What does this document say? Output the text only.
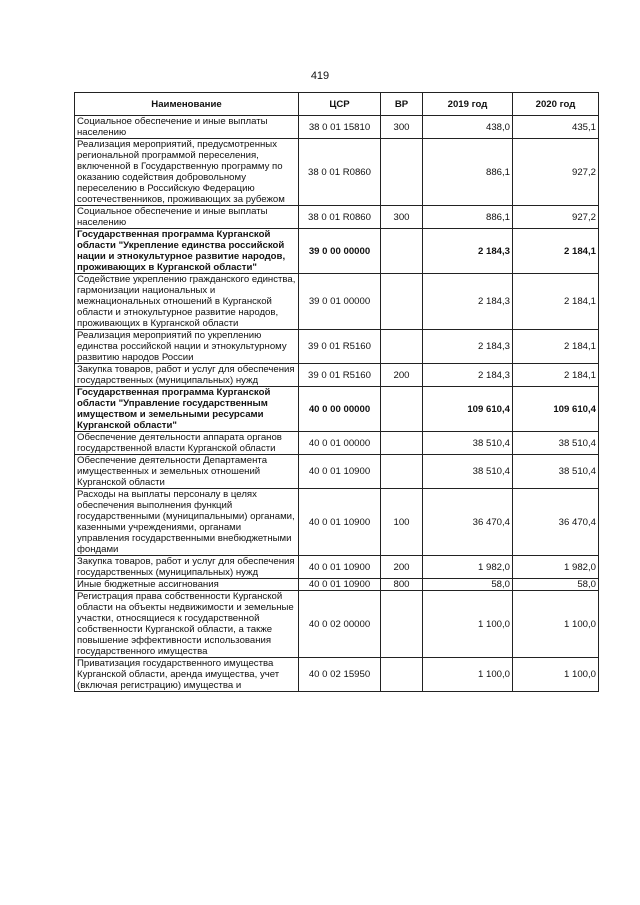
419
Наименование	ЦСР	ВР	2019 год	2020 год
Социальное обеспечение и иные выплаты населению	38 0 01 15810	300	438,0	435,1
Реализация мероприятий, предусмотренных региональной программой переселения, включенной в Государственную программу по оказанию содействия добровольному переселению в Российскую Федерацию соотечественников, проживающих за рубежом	38 0 01 R0860		886,1	927,2
Социальное обеспечение и иные выплаты населению	38 0 01 R0860	300	886,1	927,2
Государственная программа Курганской области "Укрепление единства российской нации и этнокультурное развитие народов, проживающих в Курганской области"	39 0 00 00000		2 184,3	2 184,1
Содействие укреплению гражданского единства, гармонизации национальных и межнациональных отношений в Курганской области и этнокультурное развитие народов, проживающих в Курганской области	39 0 01 00000		2 184,3	2 184,1
Реализация мероприятий по укреплению единства российской нации и этнокультурному развитию народов России	39 0 01 R5160		2 184,3	2 184,1
Закупка товаров, работ и услуг для обеспечения государственных (муниципальных) нужд	39 0 01 R5160	200	2 184,3	2 184,1
Государственная программа Курганской области "Управление государственным имуществом и земельными ресурсами Курганской области"	40 0 00 00000		109 610,4	109 610,4
Обеспечение деятельности аппарата органов государственной власти Курганской области	40 0 01 00000		38 510,4	38 510,4
Обеспечение деятельности Департамента имущественных и земельных отношений Курганской области	40 0 01 10900		38 510,4	38 510,4
Расходы на выплаты персоналу в целях обеспечения выполнения функций государственными (муниципальными) органами, казенными учреждениями, органами управления государственными внебюджетными фондами	40 0 01 10900	100	36 470,4	36 470,4
Закупка товаров, работ и услуг для обеспечения государственных (муниципальных) нужд	40 0 01 10900	200	1 982,0	1 982,0
Иные бюджетные ассигнования	40 0 01 10900	800	58,0	58,0
Регистрация права собственности Курганской области на объекты недвижимости и земельные участки, относящиеся к государственной собственности Курганской области, а также повышение эффективности использования государственного имущества	40 0 02 00000		1 100,0	1 100,0
Приватизация государственного имущества Курганской области, аренда имущества, учет (включая регистрацию) имущества и	40 0 02 15950		1 100,0	1 100,0
